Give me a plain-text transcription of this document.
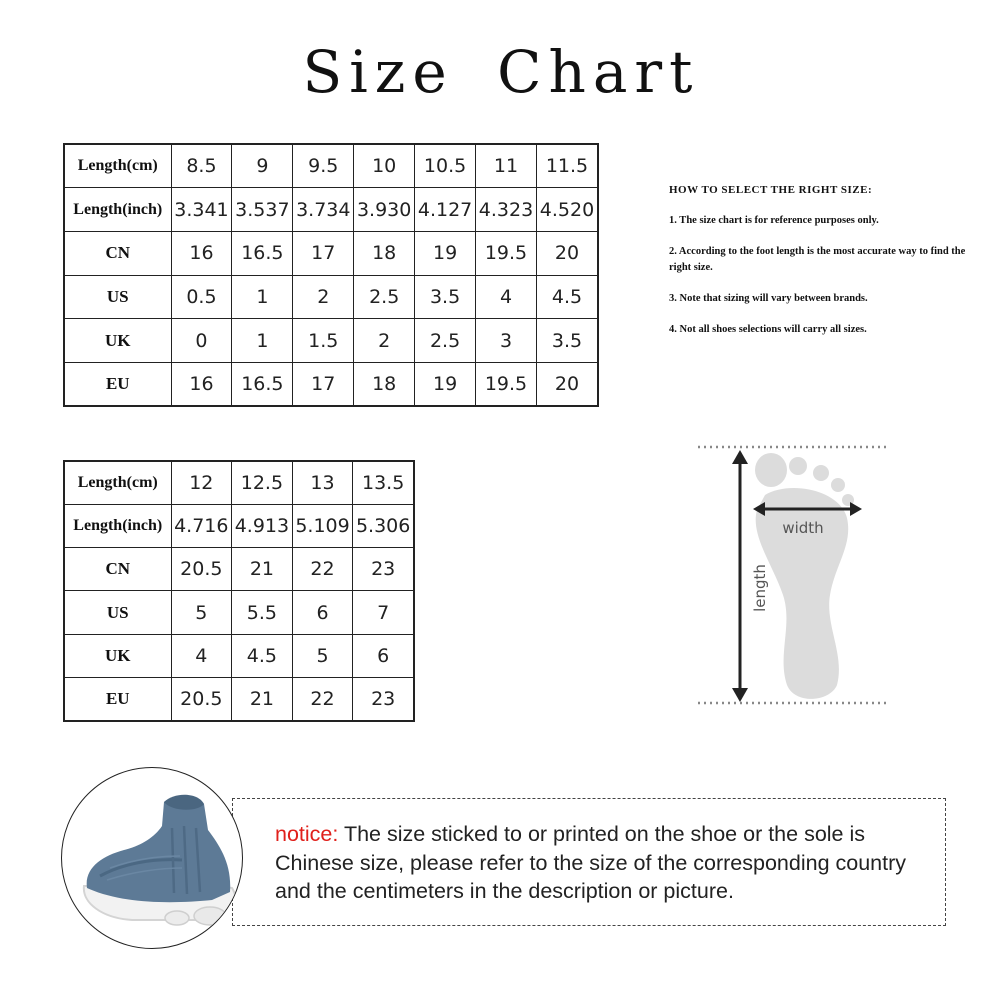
Size Chart
Length(cm)	8.5	9	9.5	10	10.5	11	11.5
Length(inch)	3.341	3.537	3.734	3.930	4.127	4.323	4.520
CN	16	16.5	17	18	19	19.5	20
US	0.5	1	2	2.5	3.5	4	4.5
UK	0	1	1.5	2	2.5	3	3.5
EU	16	16.5	17	18	19	19.5	20
Length(cm)	12	12.5	13	13.5
Length(inch)	4.716	4.913	5.109	5.306
CN	20.5	21	22	23
US	5	5.5	6	7
UK	4	4.5	5	6
EU	20.5	21	22	23
HOW TO SELECT THE RIGHT SIZE:
1. The size chart is for reference purposes only.
2. According to the foot length is the most accurate way to find the right size.
3. Note that sizing will vary between brands.
4. Not all shoes selections will carry all sizes.
width
length
notice: The size sticked to or printed on the shoe or the sole is Chinese size, please refer to the size of the corresponding country and the centimeters in the description or picture.
